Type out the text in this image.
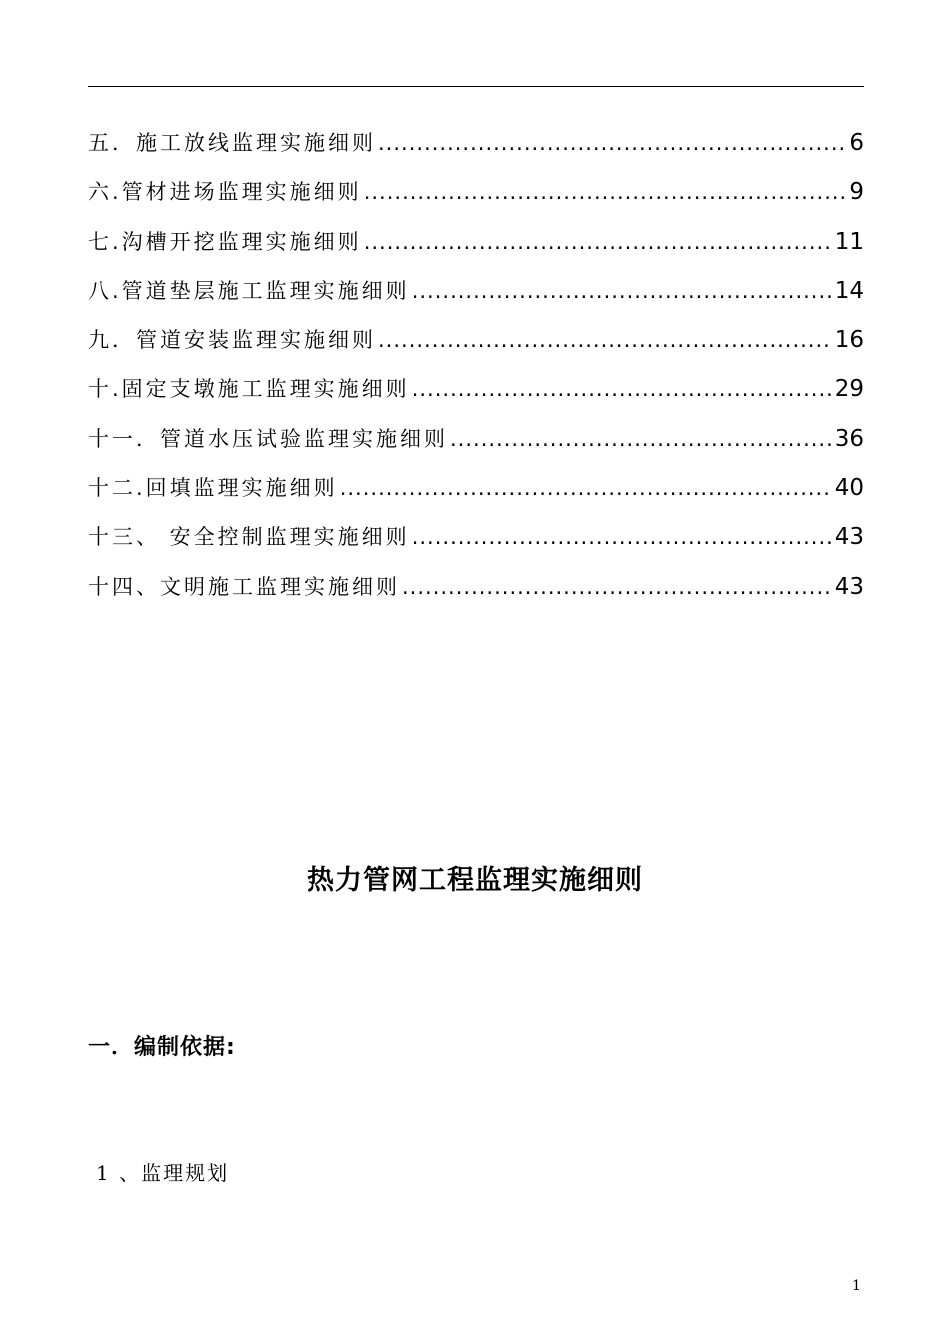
五．施工放线监理实施细则 .....	6
六.管材进场监理实施细则 .....	9
七.沟槽开挖监理实施细则 .....	11
八.管道垫层施工监理实施细则 .....	14
九．管道安装监理实施细则 .....	16
十.固定支墩施工监理实施细则 .....	29
十一．管道水压试验监理实施细则 .....	36
十二.回填监理实施细则 .....	40
十三、 安全控制监理实施细则 .....	43
十四、文明施工监理实施细则 .....	43
热力管网工程监理实施细则
一．编制依据:
1 、监理规划
1
